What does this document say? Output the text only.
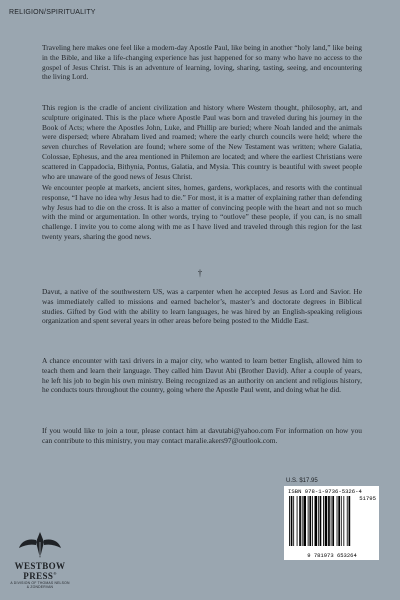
RELIGION/SPIRITUALITY

Traveling here makes one feel like a modern-day Apostle Paul, like being in another “holy land,” like being in the Bible, and like a life-changing experience has just happened for so many who have no access to the gospel of Jesus Christ. This is an adventure of learning, loving, sharing, tasting, seeing, and encountering the living Lord.

This region is the cradle of ancient civilization and history where Western thought, philosophy, art, and sculpture originated. This is the place where Apostle Paul was born and traveled during his journey in the Book of Acts; where the Apostles John, Luke, and Phillip are buried; where Noah landed and the animals were dispersed; where Abraham lived and roamed; where the early church councils were held; where the seven churches of Revelation are found; where some of the New Testament was written; where Galatia, Colossae, Ephesus, and the area mentioned in Philemon are located; and where the earliest Christians were scattered in Cappadocia, Bithynia, Pontus, Galatia, and Mysia. This country is beautiful with sweet people who are unaware of the good news of Jesus Christ.

We encounter people at markets, ancient sites, homes, gardens, workplaces, and resorts with the continual response, “I have no idea why Jesus had to die.” For most, it is a matter of explaining rather than defending why Jesus had to die on the cross. It is also a matter of convincing people with the heart and not so much with the mind or argumentation. In other words, trying to “outlove” these people, if you can, is no small challenge. I invite you to come along with me as I have lived and traveled through this region for the last twenty years, sharing the good news.

†

Davut, a native of the southwestern US, was a carpenter when he accepted Jesus as Lord and Savior. He was immediately called to missions and earned bachelor’s, master’s and doctorate degrees in Biblical studies. Gifted by God with the ability to learn languages, he was hired by an English-speaking religious organization and spent several years in other areas before being posted to the Middle East.

A chance encounter with taxi drivers in a major city, who wanted to learn better English, allowed him to teach them and learn their language. They called him Davut Abi (Brother David). After a couple of years, he left his job to begin his own ministry. Being recognized as an authority on ancient and religious history, he conducts tours throughout the country, going where the Apostle Paul went, and doing what he did.

If you would like to join a tour, please contact him at davutabi@yahoo.com For information on how you can contribute to this ministry, you may contact maralie.akers97@outlook.com.

U.S. $17.95
ISBN 978-1-9736-5326-4
51795
9 781973 653264
WESTBOW
PRESS®
A DIVISION OF THOMAS NELSON & ZONDERVAN
